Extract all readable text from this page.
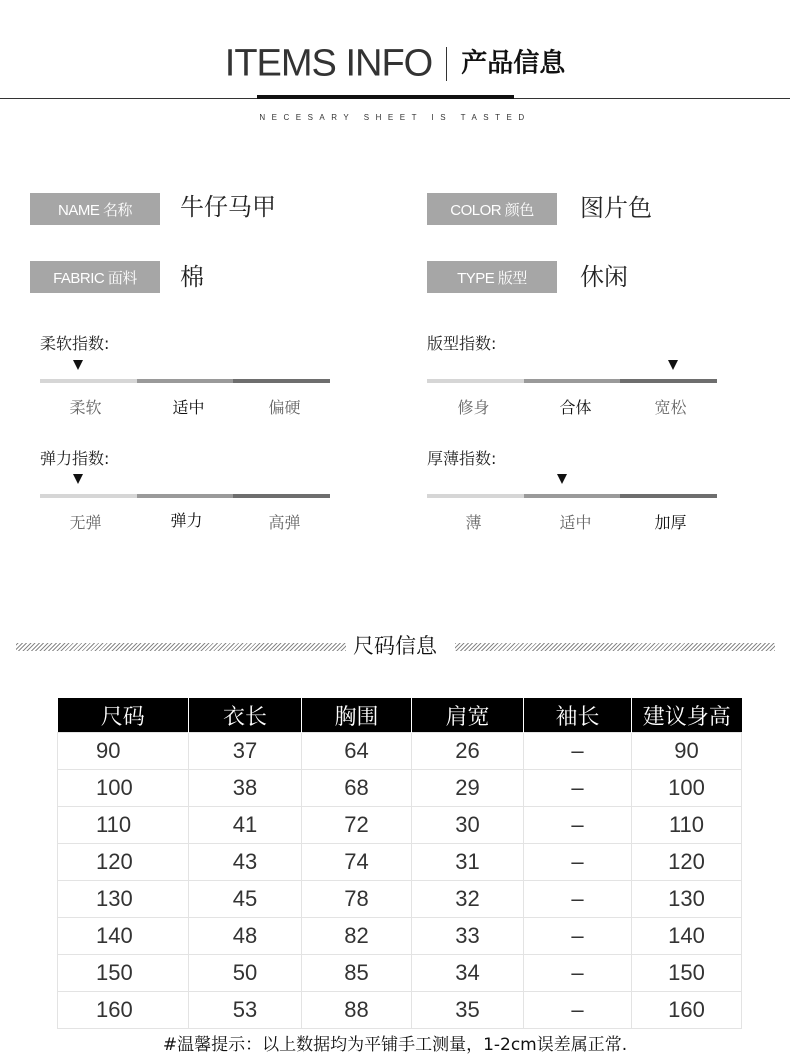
ITEMS INFO 产品信息
NECESARY SHEET IS TASTED
NAME 名称	牛仔马甲	COLOR 颜色	图片色
FABRIC 面料	棉	TYPE 版型	休闲
柔软指数:
柔软	适中	偏硬
版型指数:
修身	合体	宽松
弹力指数:
无弹	弹力	高弹
厚薄指数:
薄	适中	加厚
尺码信息
尺码	衣长	胸围	肩宽	袖长	建议身高
90	37	64	26	–	90
100	38	68	29	–	100
110	41	72	30	–	110
120	43	74	31	–	120
130	45	78	32	–	130
140	48	82	33	–	140
150	50	85	34	–	150
160	53	88	35	–	160
#温馨提示：以上数据均为平铺手工测量，1-2cm误差属正常.
